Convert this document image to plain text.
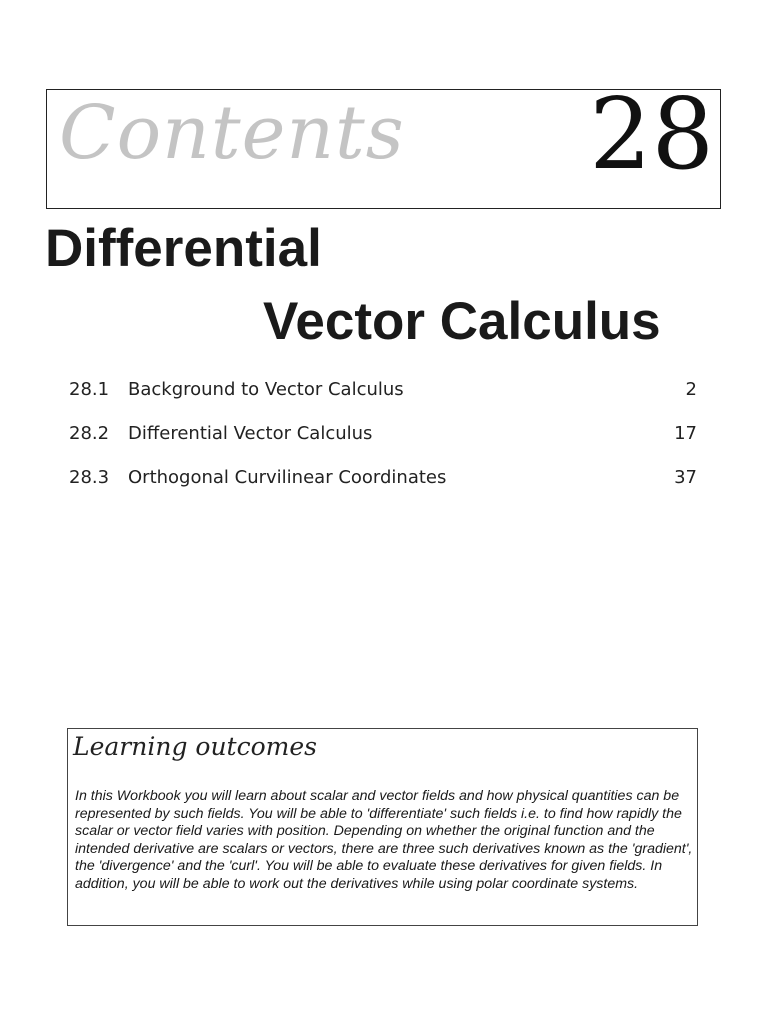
Contents 28
Differential
Vector Calculus
28.1 Background to Vector Calculus	2
28.2 Differential Vector Calculus	17
28.3 Orthogonal Curvilinear Coordinates	37
Learning outcomes
In this Workbook you will learn about scalar and vector fields and how physical quantities can be represented by such fields. You will be able to 'differentiate' such fields i.e. to find how rapidly the scalar or vector field varies with position. Depending on whether the original function and the intended derivative are scalars or vectors, there are three such derivatives known as the 'gradient', the 'divergence' and the 'curl'. You will be able to evaluate these derivatives for given fields. In addition, you will be able to work out the derivatives while using polar coordinate systems.
